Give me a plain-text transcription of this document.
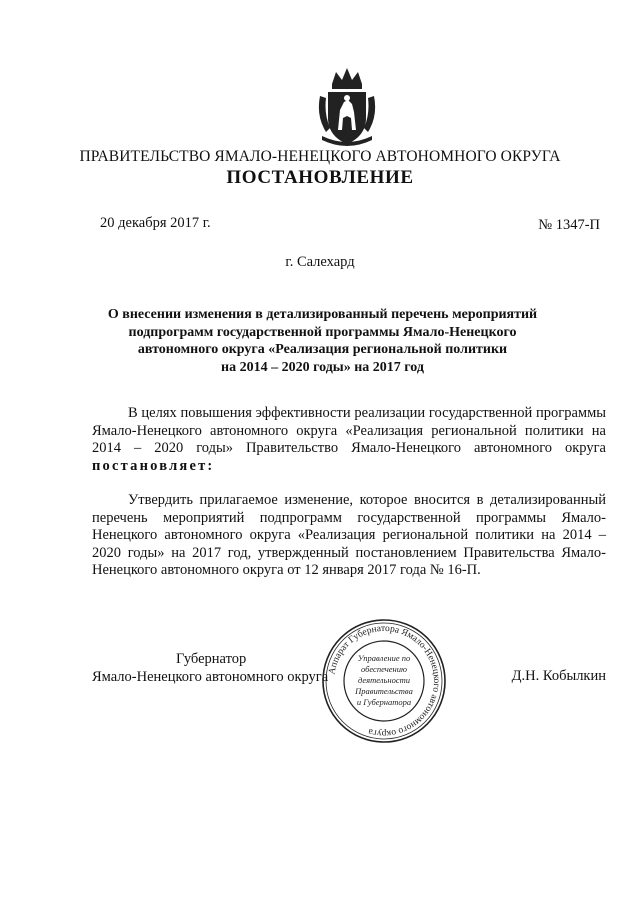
ПРАВИТЕЛЬСТВО ЯМАЛО-НЕНЕЦКОГО АВТОНОМНОГО ОКРУГА
ПОСТАНОВЛЕНИЕ
20 декабря 2017 г.	№ 1347-П
г. Салехард
О внесении изменения в детализированный перечень мероприятий
подпрограмм государственной программы Ямало-Ненецкого
автономного округа «Реализация региональной политики
на 2014 – 2020 годы» на 2017 год
В целях повышения эффективности реализации государственной программы Ямало-Ненецкого автономного округа «Реализация региональной политики на 2014 – 2020 годы» Правительство Ямало-Ненецкого автономного округа постановляет:
Утвердить прилагаемое изменение, которое вносится в детализированный перечень мероприятий подпрограмм государственной программы Ямало-Ненецкого автономного округа «Реализация региональной политики на 2014 – 2020 годы» на 2017 год, утвержденный постановлением Правительства Ямало-Ненецкого автономного округа от 12 января 2017 года № 16-П.
Губернатор
Ямало-Ненецкого автономного округа	Д.Н. Кобылкин
Аппарат Губернатора Ямало-Ненецкого автономного округа
Управление по
обеспечению
деятельности
Правительства
и Губернатора
